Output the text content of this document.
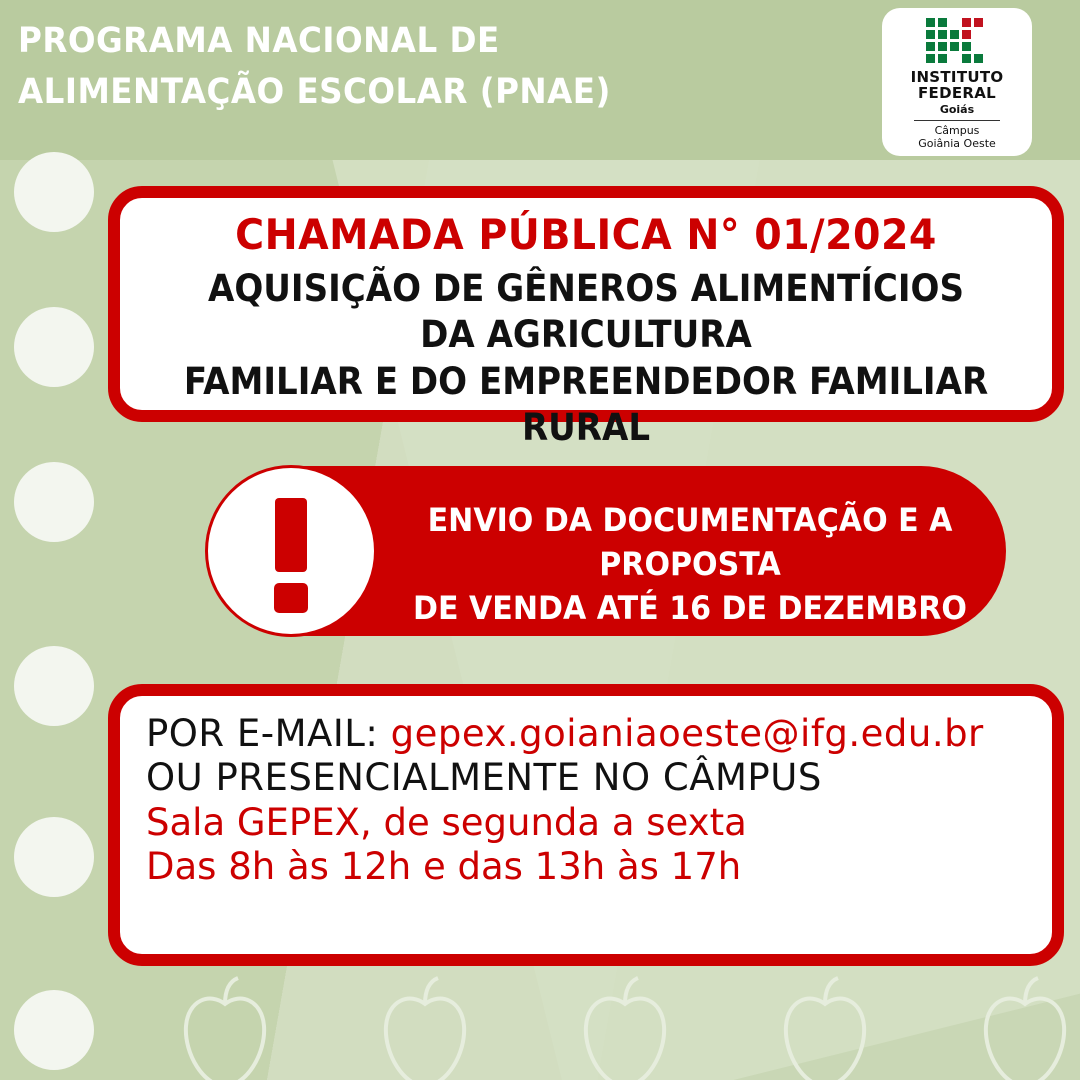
PROGRAMA NACIONAL DE
ALIMENTAÇÃO ESCOLAR (PNAE)	INSTITUTO
FEDERAL
Goiás
Câmpus
Goiânia Oeste
CHAMADA PÚBLICA N° 01/2024
AQUISIÇÃO DE GÊNEROS ALIMENTÍCIOS DA AGRICULTURA
FAMILIAR E DO EMPREENDEDOR FAMILIAR RURAL
ENVIO DA DOCUMENTAÇÃO E A PROPOSTA
DE VENDA ATÉ 16 DE DEZEMBRO
POR E-MAIL: gepex.goianiaoeste@ifg.edu.br
OU PRESENCIALMENTE NO CÂMPUS
Sala GEPEX, de segunda a sexta
Das 8h às 12h e das 13h às 17h
